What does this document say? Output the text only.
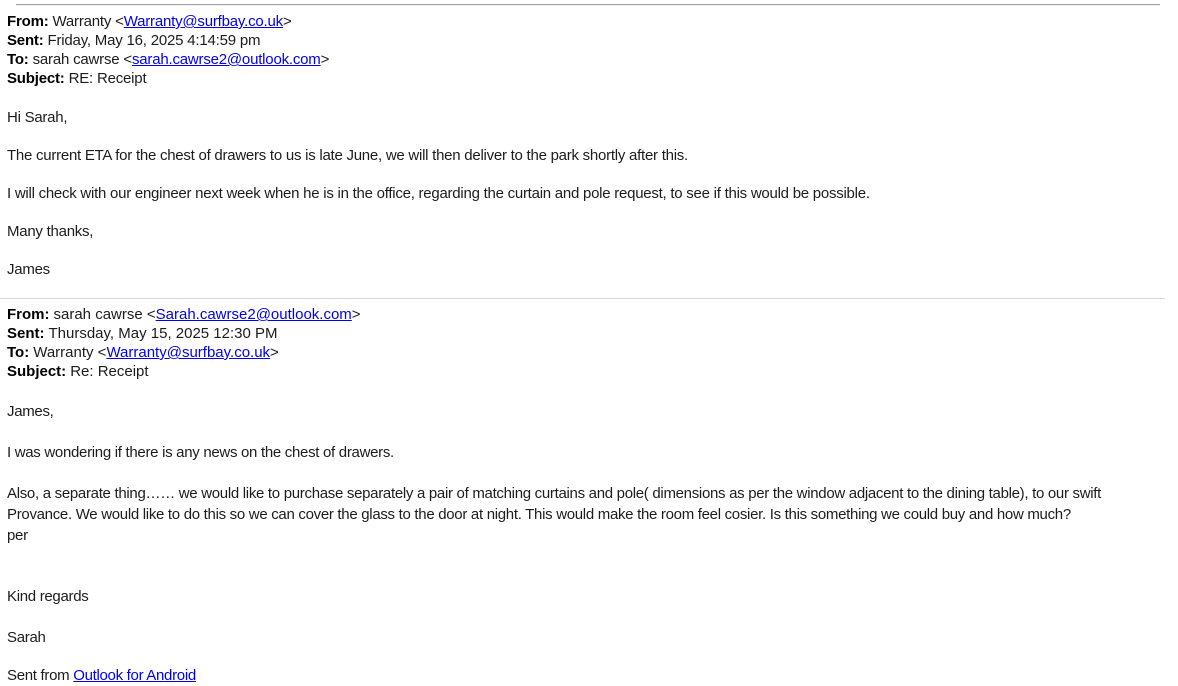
From: Warranty <Warranty@surfbay.co.uk>
Sent: Friday, May 16, 2025 4:14:59 pm
To: sarah cawrse <sarah.cawrse2@outlook.com>
Subject: RE: Receipt

Hi Sarah,

The current ETA for the chest of drawers to us is late June, we will then deliver to the park shortly after this.

I will check with our engineer next week when he is in the office, regarding the curtain and pole request, to see if this would be possible.

Many thanks,

James

From: sarah cawrse <Sarah.cawrse2@outlook.com>
Sent: Thursday, May 15, 2025 12:30 PM
To: Warranty <Warranty@surfbay.co.uk>
Subject: Re: Receipt

James,

I was wondering if there is any news on the chest of drawers.

Also, a separate thing…… we would like to purchase separately a pair of matching curtains and pole( dimensions as per the window adjacent to the dining table), to our swift
Provance. We would like to do this so we can cover the glass to the door at night. This would make the room feel cosier. Is this something we could buy and how much?
per

Kind regards

Sarah

Sent from Outlook for Android
